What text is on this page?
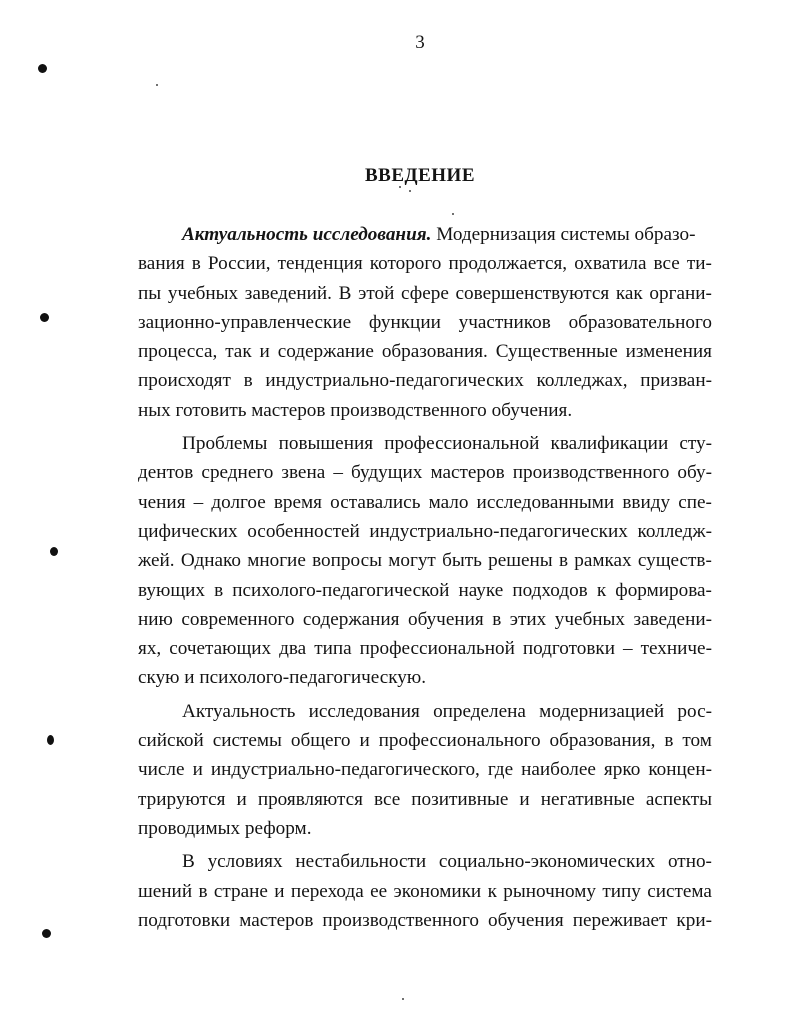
3
ВВЕДЕНИЕ
Актуальность исследования. Модернизация системы образо-
вания в России, тенденция которого продолжается, охватила все ти-
пы учебных заведений. В этой сфере совершенствуются как органи-
зационно-управленческие функции участников образовательного
процесса, так и содержание образования. Существенные изменения
происходят в индустриально-педагогических колледжах, призван-
ных готовить мастеров производственного обучения.
Проблемы повышения профессиональной квалификации сту-
дентов среднего звена – будущих мастеров производственного обу-
чения – долгое время оставались мало исследованными ввиду спе-
цифических особенностей индустриально-педагогических колледж-
жей. Однако многие вопросы могут быть решены в рамках существ-
вующих в психолого-педагогической науке подходов к формирова-
нию современного содержания обучения в этих учебных заведени-
ях, сочетающих два типа профессиональной подготовки – техниче-
скую и психолого-педагогическую.
Актуальность исследования определена модернизацией рос-
сийской системы общего и профессионального образования, в том
числе и индустриально-педагогического, где наиболее ярко концен-
трируются и проявляются все позитивные и негативные аспекты
проводимых реформ.
В условиях нестабильности социально-экономических отно-
шений в стране и перехода ее экономики к рыночному типу система
подготовки мастеров производственного обучения переживает кри-
